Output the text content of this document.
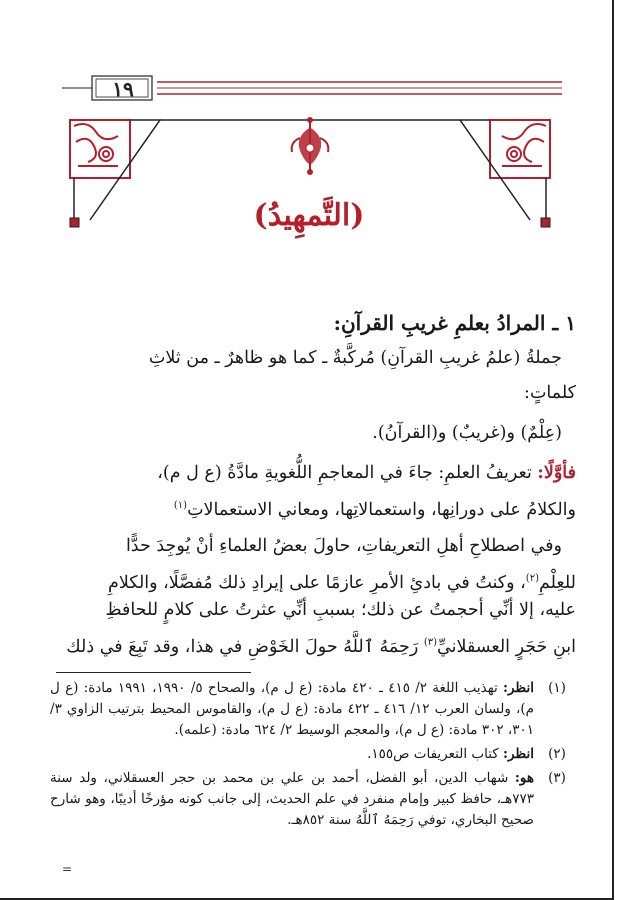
١٩
(التَّمهِيدُ)
١ ـ المرادُ بعلمِ غريبِ القرآنِ:
جملةُ (علمُ غريبِ القرآنِ) مُركَّبةٌ ـ كما هو ظاهرٌ ـ من ثلاثِ
كلماتٍ:
(عِلْمٌ) و(غريبٌ) و(القرآنُ).
فأوَّلًا: تعريفُ العلمِ: جاءَ في المعاجمِ اللُّغويةِ مادَّةُ (ع ل م)،
والكلامُ على دورانِها، واستعمالاتِها، ومعاني الاستعمالاتِ$^{(١)}$
وفي اصطلاحِ أهلِ التعريفاتِ، حاولَ بعضُ العلماءِ أنْ يُوجِدَ حدًّا
للعِلْمِ$^{(٢)}$، وكنتُ في بادئِ الأمرِ عازمًا على إيرادِ ذلك مُفصَّلًا، والكلامِ
عليه، إلا أنِّي أحجمتُ عن ذلك؛ بسببِ أنِّي عثرتُ على كلامٍ للحافظِ
ابنِ حَجَرٍ العسقلانيِّ$^{(٣)}$ رَحِمَهُ ٱللَّهُ حولَ الخَوْضِ في هذا، وقد تَبِعَ في ذلك
(١)
انظر: تهذيب اللغة ٢/ ٤١٥ ـ ٤٢٠ مادة: (ع ل م)، والصحاح ٥/ ١٩٩٠، ١٩٩١ مادة: (ع ل م)، ولسان العرب ١٢/ ٤١٦ ـ ٤٢٢ مادة: (ع ل م)، والقاموس المحيط بترتيب الزاوي ٣/ ٣٠١، ٣٠٢ مادة: (ع ل م)، والمعجم الوسيط ٢/ ٦٢٤ مادة: (علمه).
(٢)
انظر: كتاب التعريفات ص١٥٥.
(٣)
هو: شهاب الدين، أبو الفضل، أحمد بن علي بن محمد بن حجر العسقلاني، ولد سنة ٧٧٣هـ، حافظ كبير وإمام منفرد في علم الحديث، إلى جانب كونه مؤرخًا أديبًا، وهو شارح صحيح البخاري، توفي رَحِمَهُ ٱللَّهُ سنة ٨٥٢هـ.
=
